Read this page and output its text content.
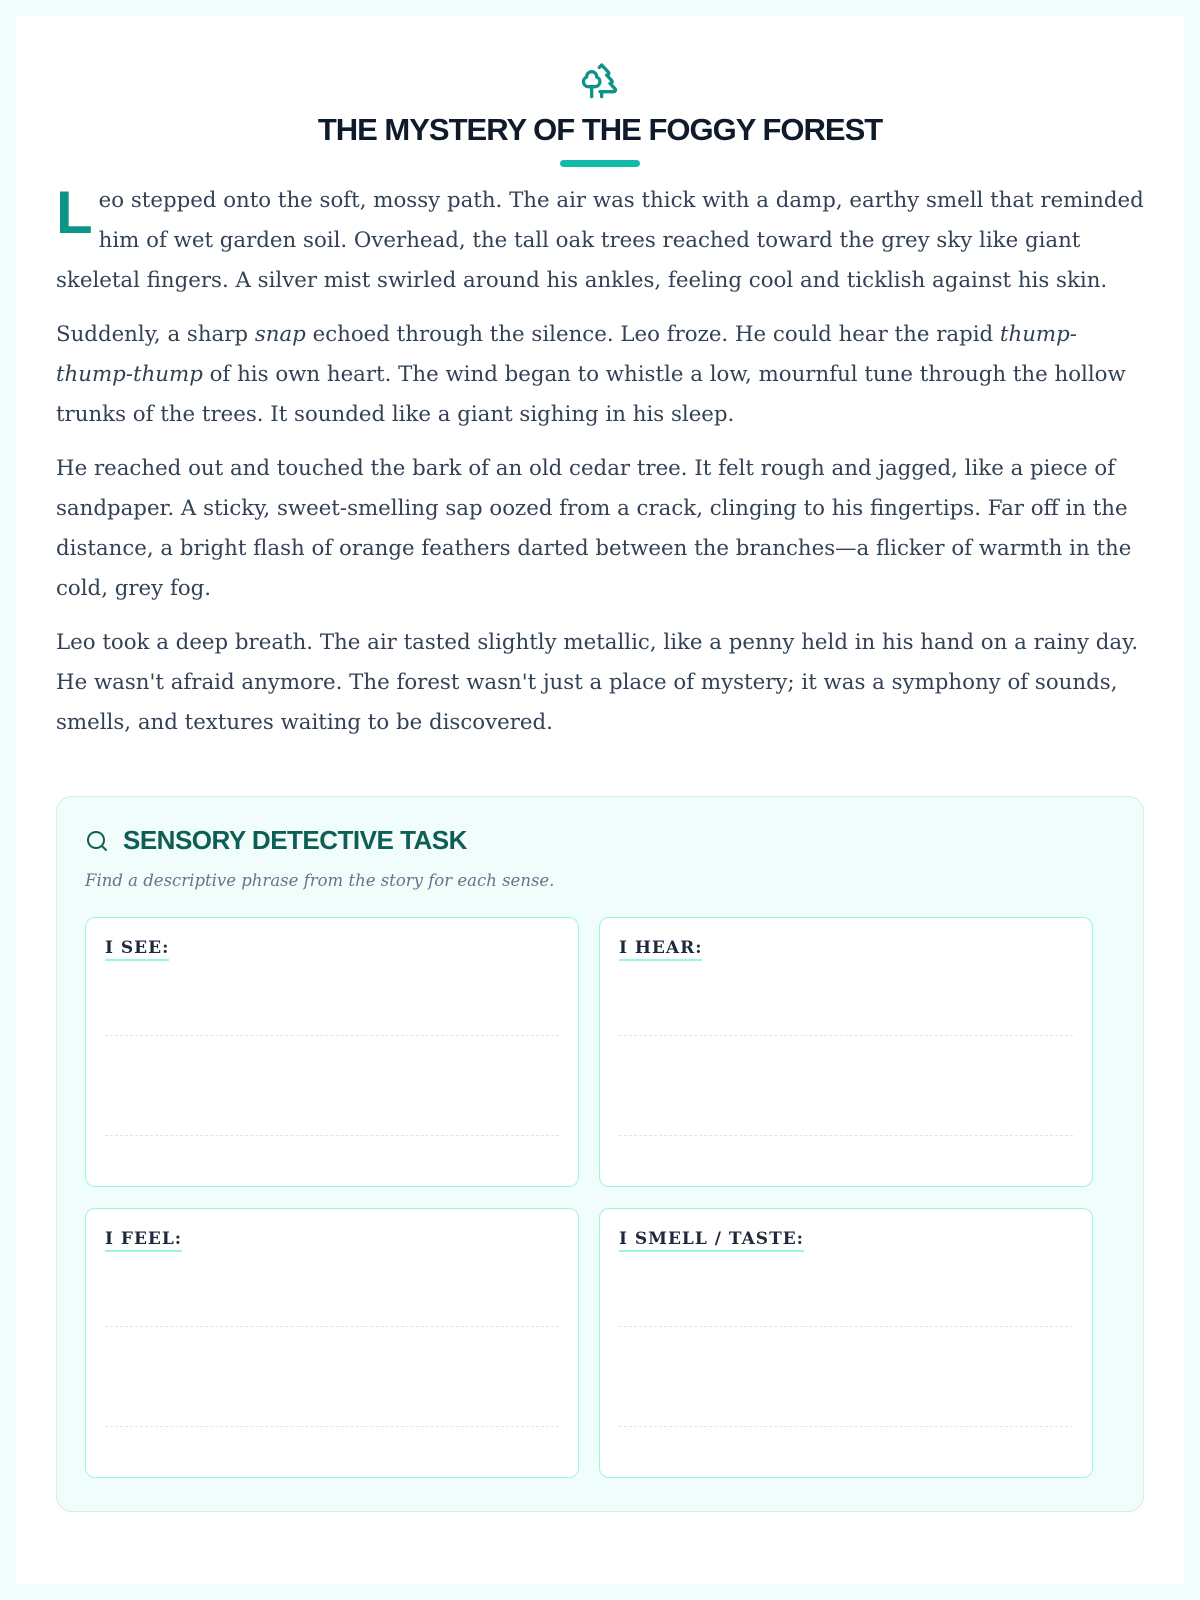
THE MYSTERY OF THE FOGGY FOREST

Leo stepped onto the soft, mossy path. The air was thick with a damp, earthy smell that reminded him of wet garden soil. Overhead, the tall oak trees reached toward the grey sky like giant skeletal fingers. A silver mist swirled around his ankles, feeling cool and ticklish against his skin.

Suddenly, a sharp snap echoed through the silence. Leo froze. He could hear the rapid thump-thump-thump of his own heart. The wind began to whistle a low, mournful tune through the hollow trunks of the trees. It sounded like a giant sighing in his sleep.

He reached out and touched the bark of an old cedar tree. It felt rough and jagged, like a piece of sandpaper. A sticky, sweet-smelling sap oozed from a crack, clinging to his fingertips. Far off in the distance, a bright flash of orange feathers darted between the branches—a flicker of warmth in the cold, grey fog.

Leo took a deep breath. The air tasted slightly metallic, like a penny held in his hand on a rainy day. He wasn't afraid anymore. The forest wasn't just a place of mystery; it was a symphony of sounds, smells, and textures waiting to be discovered.

SENSORY DETECTIVE TASK
Find a descriptive phrase from the story for each sense.
I SEE:	I HEAR:
I FEEL:	I SMELL / TASTE:
